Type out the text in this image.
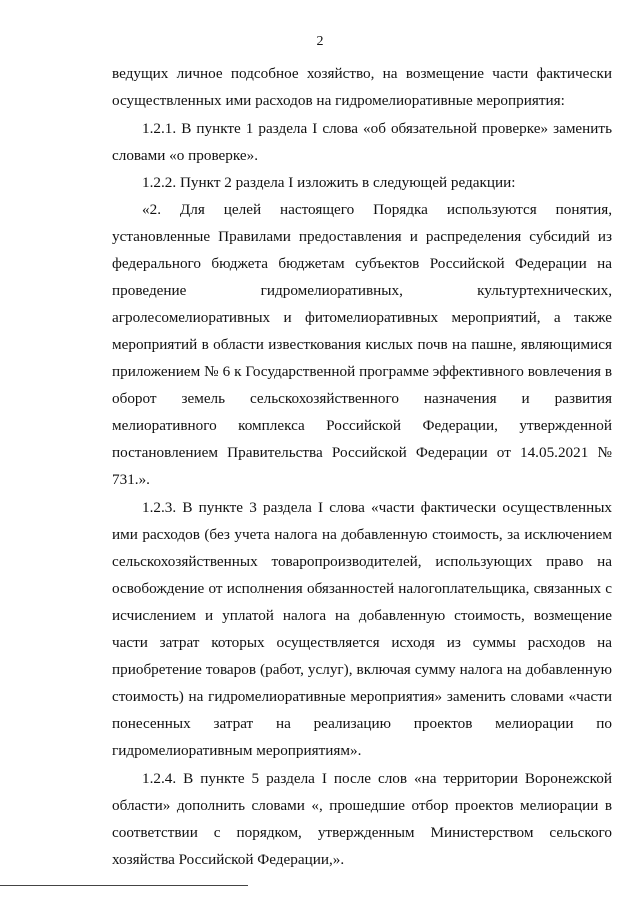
2

ведущих личное подсобное хозяйство, на возмещение части фактически осуществленных ими расходов на гидромелиоративные мероприятия:

1.2.1. В пункте 1 раздела I слова «об обязательной проверке» заменить словами «о проверке».

1.2.2. Пункт 2 раздела I изложить в следующей редакции:

«2. Для целей настоящего Порядка используются понятия, установленные Правилами предоставления и распределения субсидий из федерального бюджета бюджетам субъектов Российской Федерации на проведение гидромелиоративных, культуртехнических, агролесомелиоративных и фитомелиоративных мероприятий, а также мероприятий в области известкования кислых почв на пашне, являющимися приложением № 6 к Государственной программе эффективного вовлечения в оборот земель сельскохозяйственного назначения и развития мелиоративного комплекса Российской Федерации, утвержденной постановлением Правительства Российской Федерации от 14.05.2021 № 731.».

1.2.3. В пункте 3 раздела I слова «части фактически осуществленных ими расходов (без учета налога на добавленную стоимость, за исключением сельскохозяйственных товаропроизводителей, использующих право на освобождение от исполнения обязанностей налогоплательщика, связанных с исчислением и уплатой налога на добавленную стоимость, возмещение части затрат которых осуществляется исходя из суммы расходов на приобретение товаров (работ, услуг), включая сумму налога на добавленную стоимость) на гидромелиоративные мероприятия» заменить словами «части понесенных затрат на реализацию проектов мелиорации по гидромелиоративным мероприятиям».

1.2.4. В пункте 5 раздела I после слов «на территории Воронежской области» дополнить словами «, прошедшие отбор проектов мелиорации в соответствии с порядком, утвержденным Министерством сельского хозяйства Российской Федерации,».
